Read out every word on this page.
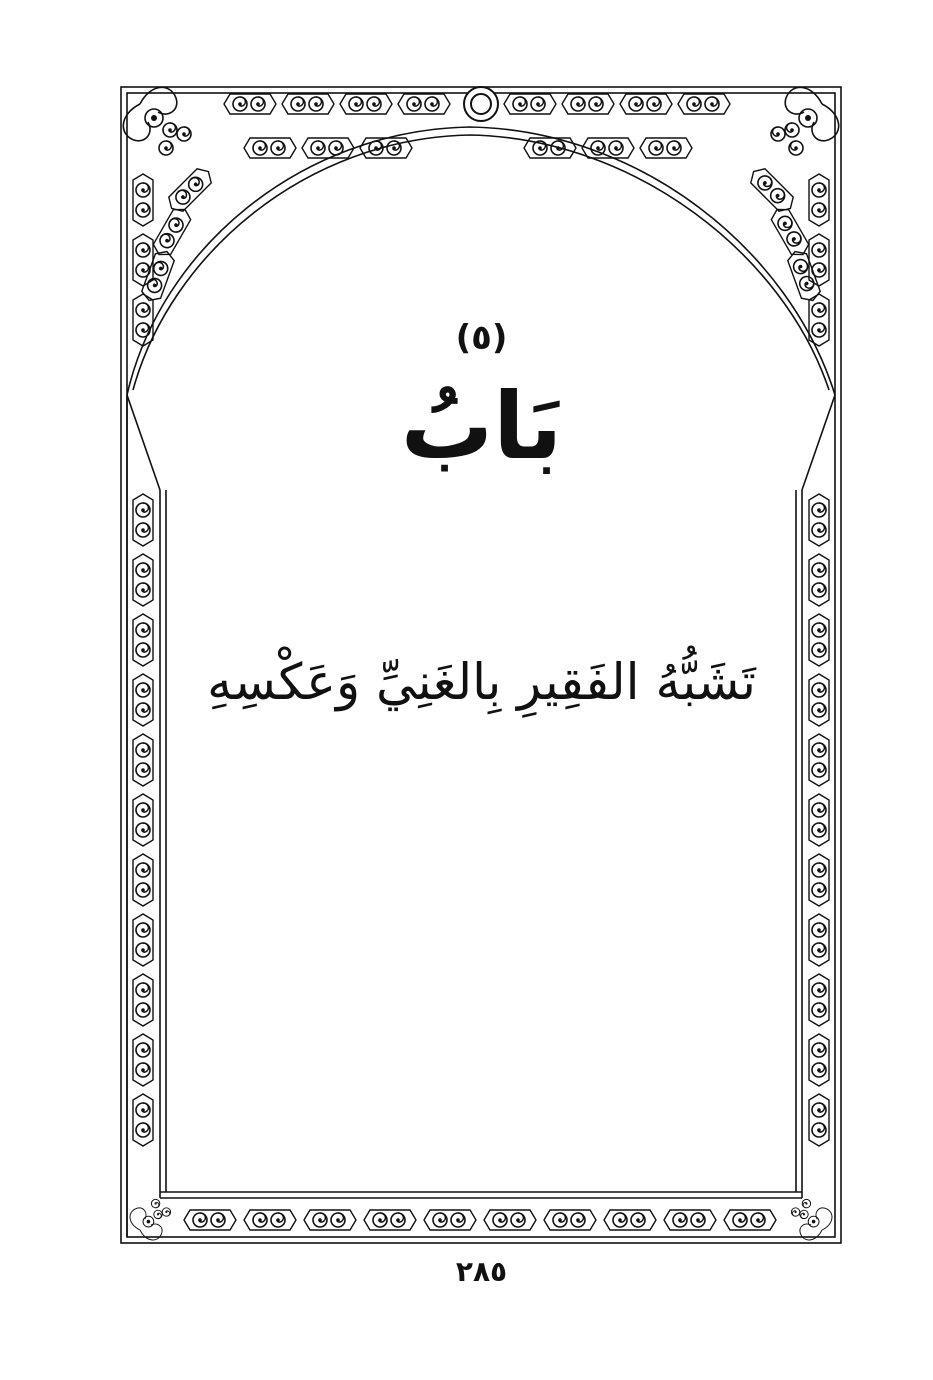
(٥)
بَابُ
تَشَبُّهُ الفَقِيرِ بِالغَنِيِّ وَعَكْسِهِ
٢٨٥
